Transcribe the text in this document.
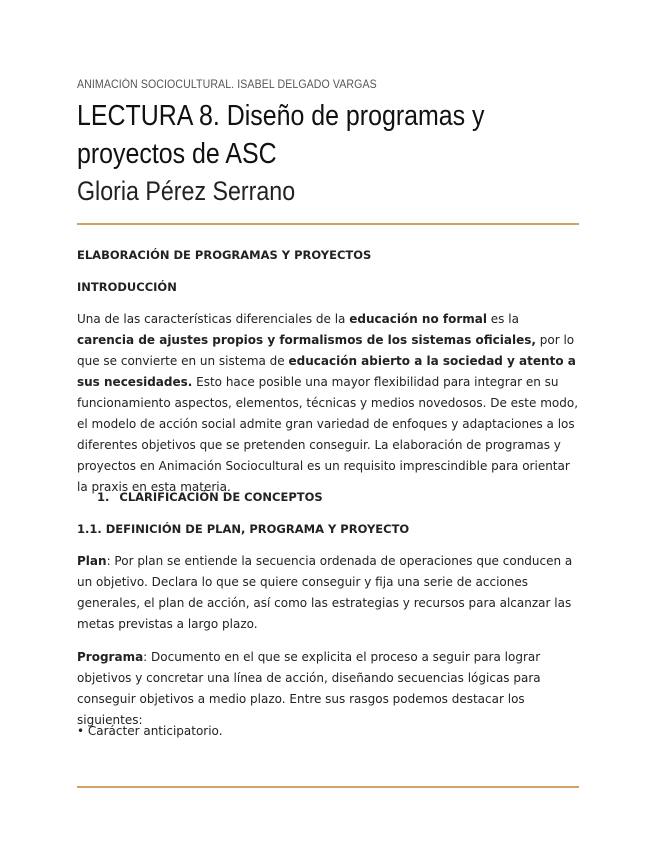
ANIMACIÓN SOCIOCULTURAL. ISABEL DELGADO VARGAS
LECTURA 8. Diseño de programas y proyectos de ASC
Gloria Pérez Serrano

ELABORACIÓN DE PROGRAMAS Y PROYECTOS

INTRODUCCIÓN

Una de las características diferenciales de la educación no formal es la carencia de ajustes propios y formalismos de los sistemas oficiales, por lo que se convierte en un sistema de educación abierto a la sociedad y atento a sus necesidades. Esto hace posible una mayor flexibilidad para integrar en su funcionamiento aspectos, elementos, técnicas y medios novedosos. De este modo, el modelo de acción social admite gran variedad de enfoques y adaptaciones a los diferentes objetivos que se pretenden conseguir. La elaboración de programas y proyectos en Animación Sociocultural es un requisito imprescindible para orientar la praxis en esta materia.

1. CLARIFICACIÓN DE CONCEPTOS

1.1. DEFINICIÓN DE PLAN, PROGRAMA Y PROYECTO

Plan: Por plan se entiende la secuencia ordenada de operaciones que conducen a un objetivo. Declara lo que se quiere conseguir y fija una serie de acciones generales, el plan de acción, así como las estrategias y recursos para alcanzar las metas previstas a largo plazo.

Programa: Documento en el que se explicita el proceso a seguir para lograr objetivos y concretar una línea de acción, diseñando secuencias lógicas para conseguir objetivos a medio plazo. Entre sus rasgos podemos destacar los siguientes:

• Carácter anticipatorio.
